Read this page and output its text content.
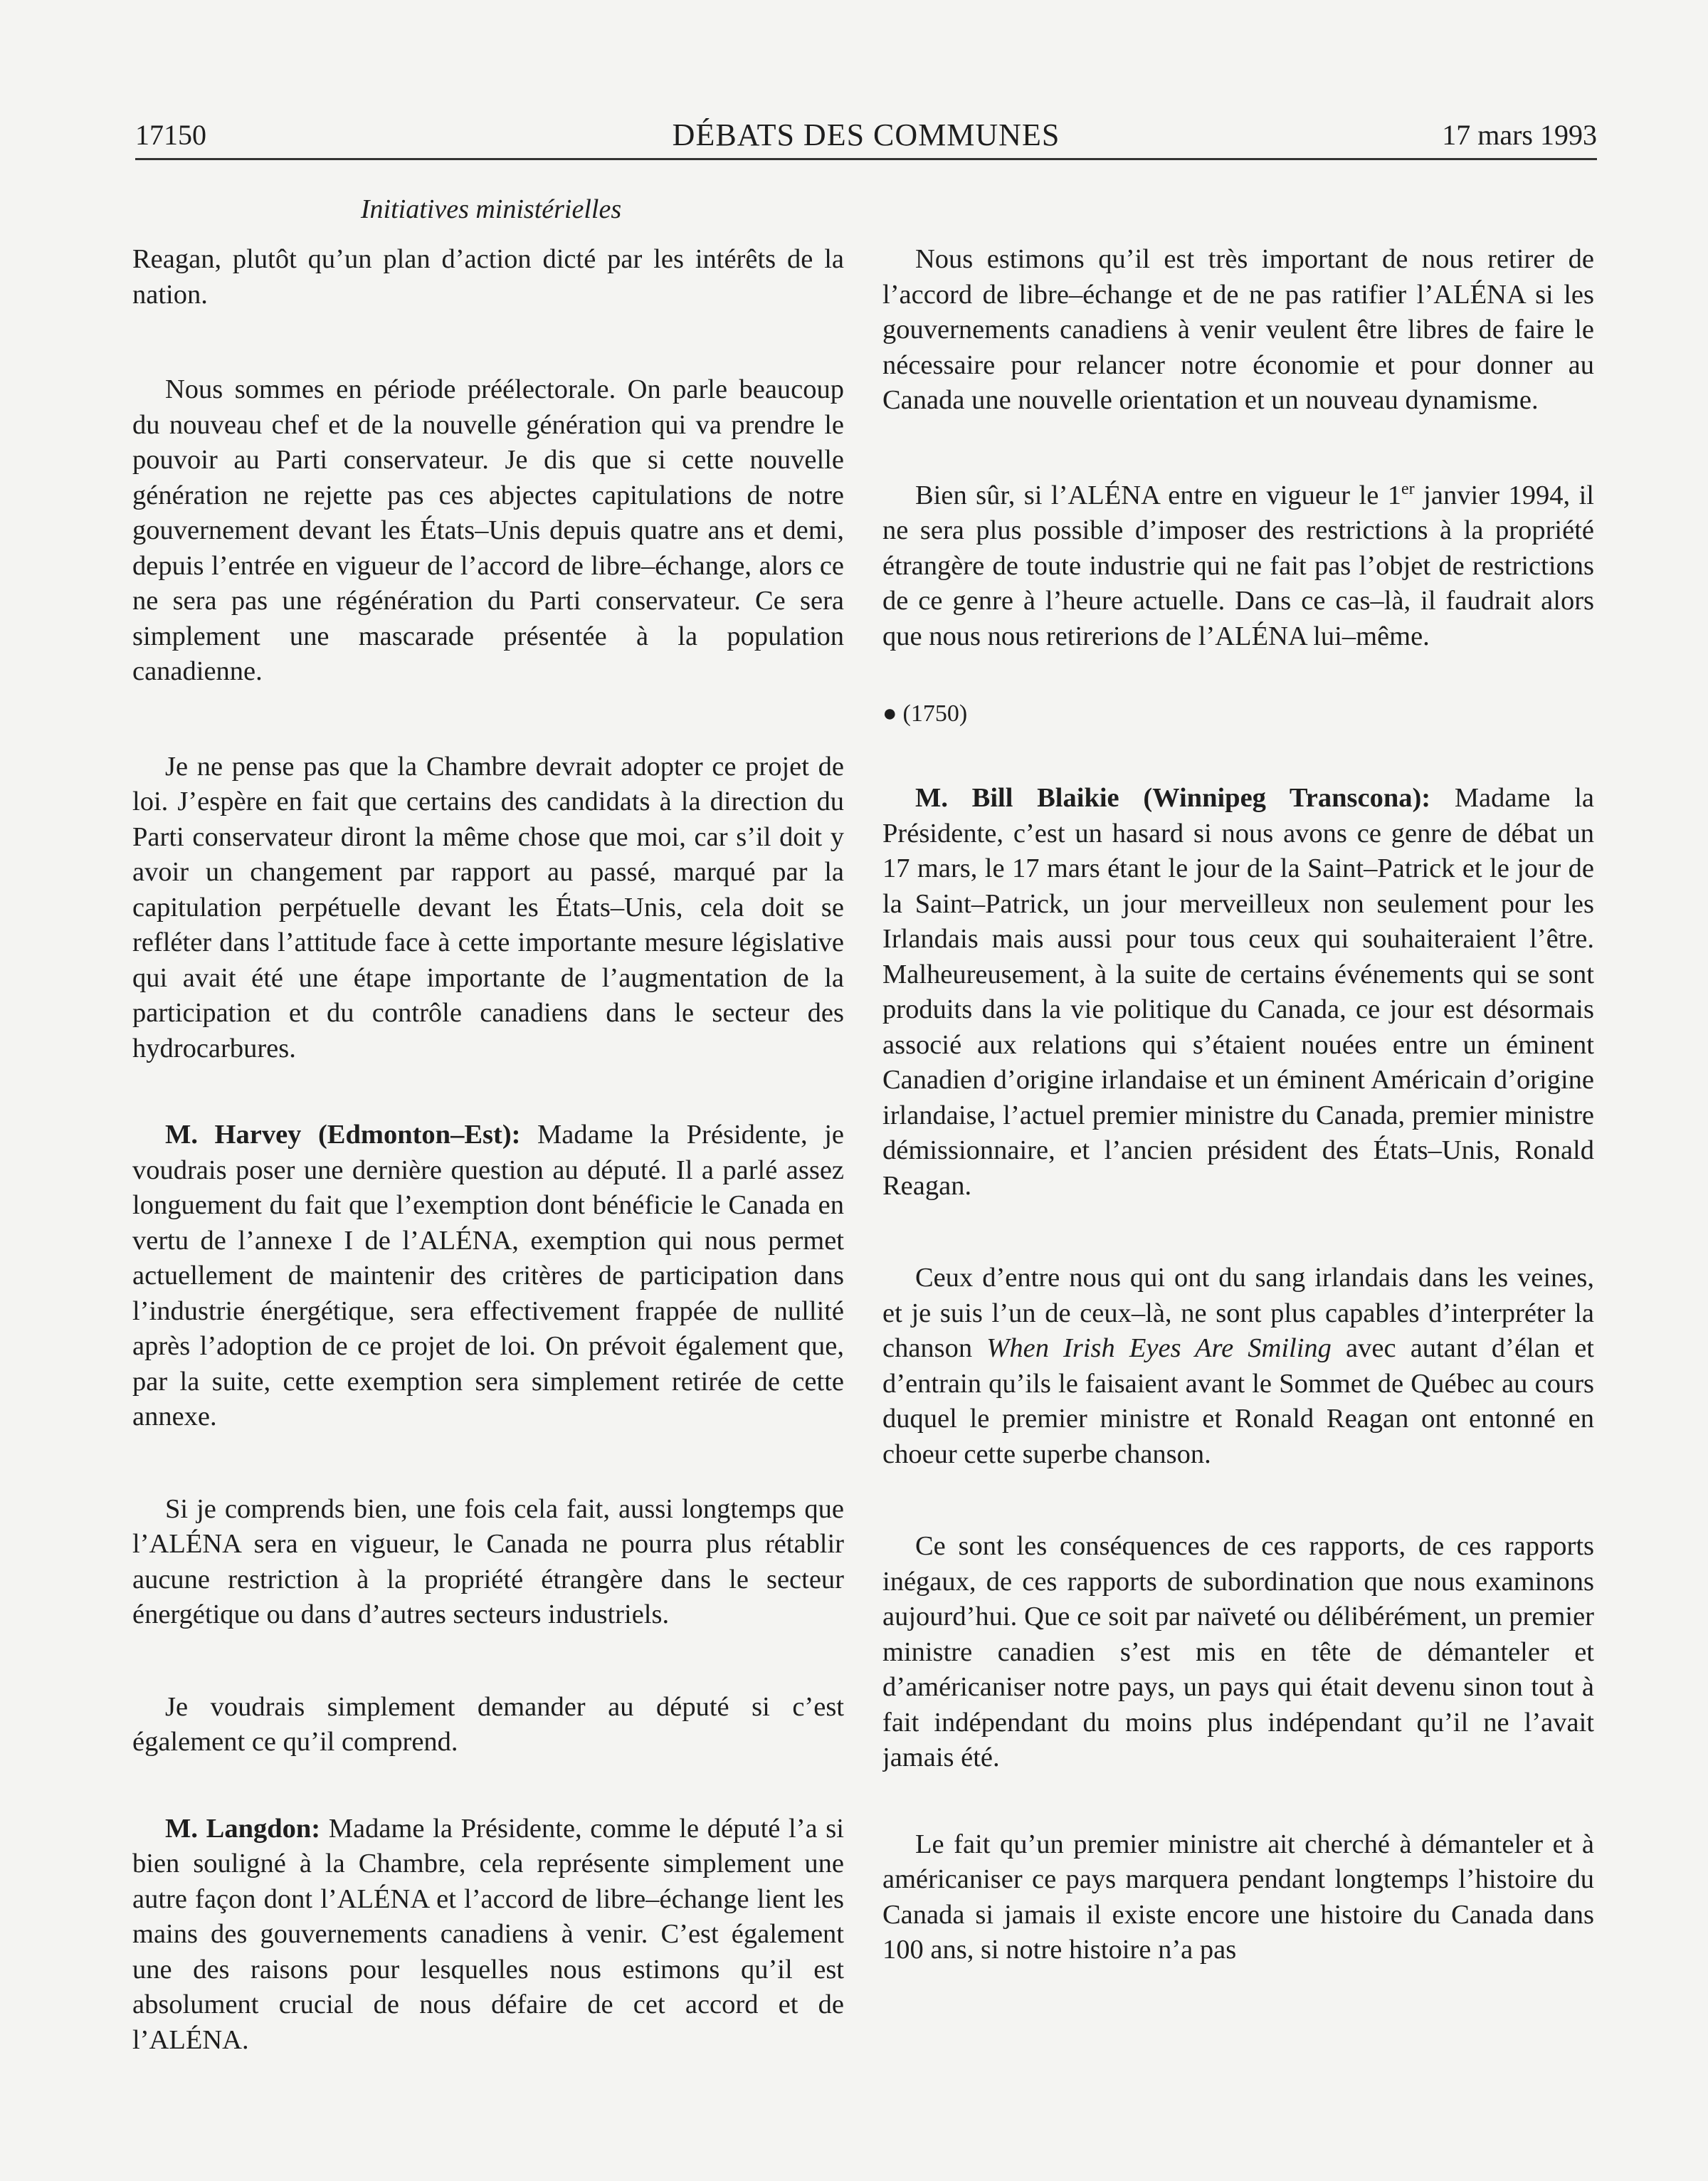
DÉBATS DES COMMUNES
17150	17 mars 1993
Initiatives ministérielles

Reagan, plutôt qu’un plan d’action dicté par les intérêts de la nation.

Nous sommes en période préélectorale. On parle beaucoup du nouveau chef et de la nouvelle génération qui va prendre le pouvoir au Parti conservateur. Je dis que si cette nouvelle génération ne rejette pas ces abjectes capitulations de notre gouvernement devant les États–Unis depuis quatre ans et demi, depuis l’entrée en vigueur de l’accord de libre–échange, alors ce ne sera pas une régénération du Parti conservateur. Ce sera simplement une mascarade présentée à la population canadienne.

Je ne pense pas que la Chambre devrait adopter ce projet de loi. J’espère en fait que certains des candidats à la direction du Parti conservateur diront la même chose que moi, car s’il doit y avoir un changement par rapport au passé, marqué par la capitulation perpétuelle devant les États–Unis, cela doit se refléter dans l’attitude face à cette importante mesure législative qui avait été une étape importante de l’augmentation de la participation et du contrôle canadiens dans le secteur des hydrocarbures.

M. Harvey (Edmonton–Est): Madame la Présidente, je voudrais poser une dernière question au député. Il a parlé assez longuement du fait que l’exemption dont bénéficie le Canada en vertu de l’annexe I de l’ALÉNA, exemption qui nous permet actuellement de maintenir des critères de participation dans l’industrie énergétique, sera effectivement frappée de nullité après l’adoption de ce projet de loi. On prévoit également que, par la suite, cette exemption sera simplement retirée de cette annexe.

Si je comprends bien, une fois cela fait, aussi longtemps que l’ALÉNA sera en vigueur, le Canada ne pourra plus rétablir aucune restriction à la propriété étrangère dans le secteur énergétique ou dans d’autres secteurs industriels.

Je voudrais simplement demander au député si c’est également ce qu’il comprend.

M. Langdon: Madame la Présidente, comme le député l’a si bien souligné à la Chambre, cela représente simplement une autre façon dont l’ALÉNA et l’accord de libre–échange lient les mains des gouvernements canadiens à venir. C’est également une des raisons pour lesquelles nous estimons qu’il est absolument crucial de nous défaire de cet accord et de l’ALÉNA.

Nous estimons qu’il est très important de nous retirer de l’accord de libre–échange et de ne pas ratifier l’ALÉNA si les gouvernements canadiens à venir veulent être libres de faire le nécessaire pour relancer notre économie et pour donner au Canada une nouvelle orientation et un nouveau dynamisme.

Bien sûr, si l’ALÉNA entre en vigueur le 1er janvier 1994, il ne sera plus possible d’imposer des restrictions à la propriété étrangère de toute industrie qui ne fait pas l’objet de restrictions de ce genre à l’heure actuelle. Dans ce cas–là, il faudrait alors que nous nous retirerions de l’ALÉNA lui–même.

● (1750)

M. Bill Blaikie (Winnipeg Transcona): Madame la Présidente, c’est un hasard si nous avons ce genre de débat un 17 mars, le 17 mars étant le jour de la Saint–Patrick et le jour de la Saint–Patrick, un jour merveilleux non seulement pour les Irlandais mais aussi pour tous ceux qui souhaiteraient l’être. Malheureusement, à la suite de certains événements qui se sont produits dans la vie politique du Canada, ce jour est désormais associé aux relations qui s’étaient nouées entre un éminent Canadien d’origine irlandaise et un éminent Américain d’origine irlandaise, l’actuel premier ministre du Canada, premier ministre démissionnaire, et l’ancien président des États–Unis, Ronald Reagan.

Ceux d’entre nous qui ont du sang irlandais dans les veines, et je suis l’un de ceux–là, ne sont plus capables d’interpréter la chanson When Irish Eyes Are Smiling avec autant d’élan et d’entrain qu’ils le faisaient avant le Sommet de Québec au cours duquel le premier ministre et Ronald Reagan ont entonné en choeur cette superbe chanson.

Ce sont les conséquences de ces rapports, de ces rapports inégaux, de ces rapports de subordination que nous examinons aujourd’hui. Que ce soit par naïveté ou délibérément, un premier ministre canadien s’est mis en tête de démanteler et d’américaniser notre pays, un pays qui était devenu sinon tout à fait indépendant du moins plus indépendant qu’il ne l’avait jamais été.

Le fait qu’un premier ministre ait cherché à démanteler et à américaniser ce pays marquera pendant longtemps l’histoire du Canada si jamais il existe encore une histoire du Canada dans 100 ans, si notre histoire n’a pas
